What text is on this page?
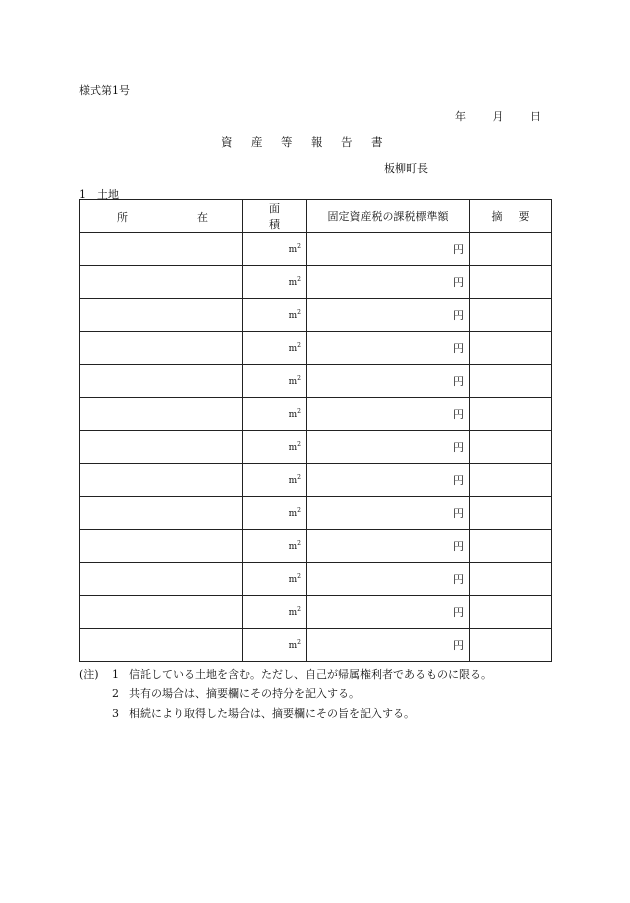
様式第1号
年 月 日
資 産 等 報 告 書
板柳町長
1 土地
所 在	面積	固定資産税の課税標準額	摘要
	$m^2$	円	
	$m^2$	円	
	$m^2$	円	
	$m^2$	円	
	$m^2$	円	
	$m^2$	円	
	$m^2$	円	
	$m^2$	円	
	$m^2$	円	
	$m^2$	円	
	$m^2$	円	
	$m^2$	円	
	$m^2$	円	
(注) 1 信託している土地を含む。ただし、自己が帰属権利者であるものに限る。
2 共有の場合は、摘要欄にその持分を記入する。
3 相続により取得した場合は、摘要欄にその旨を記入する。
